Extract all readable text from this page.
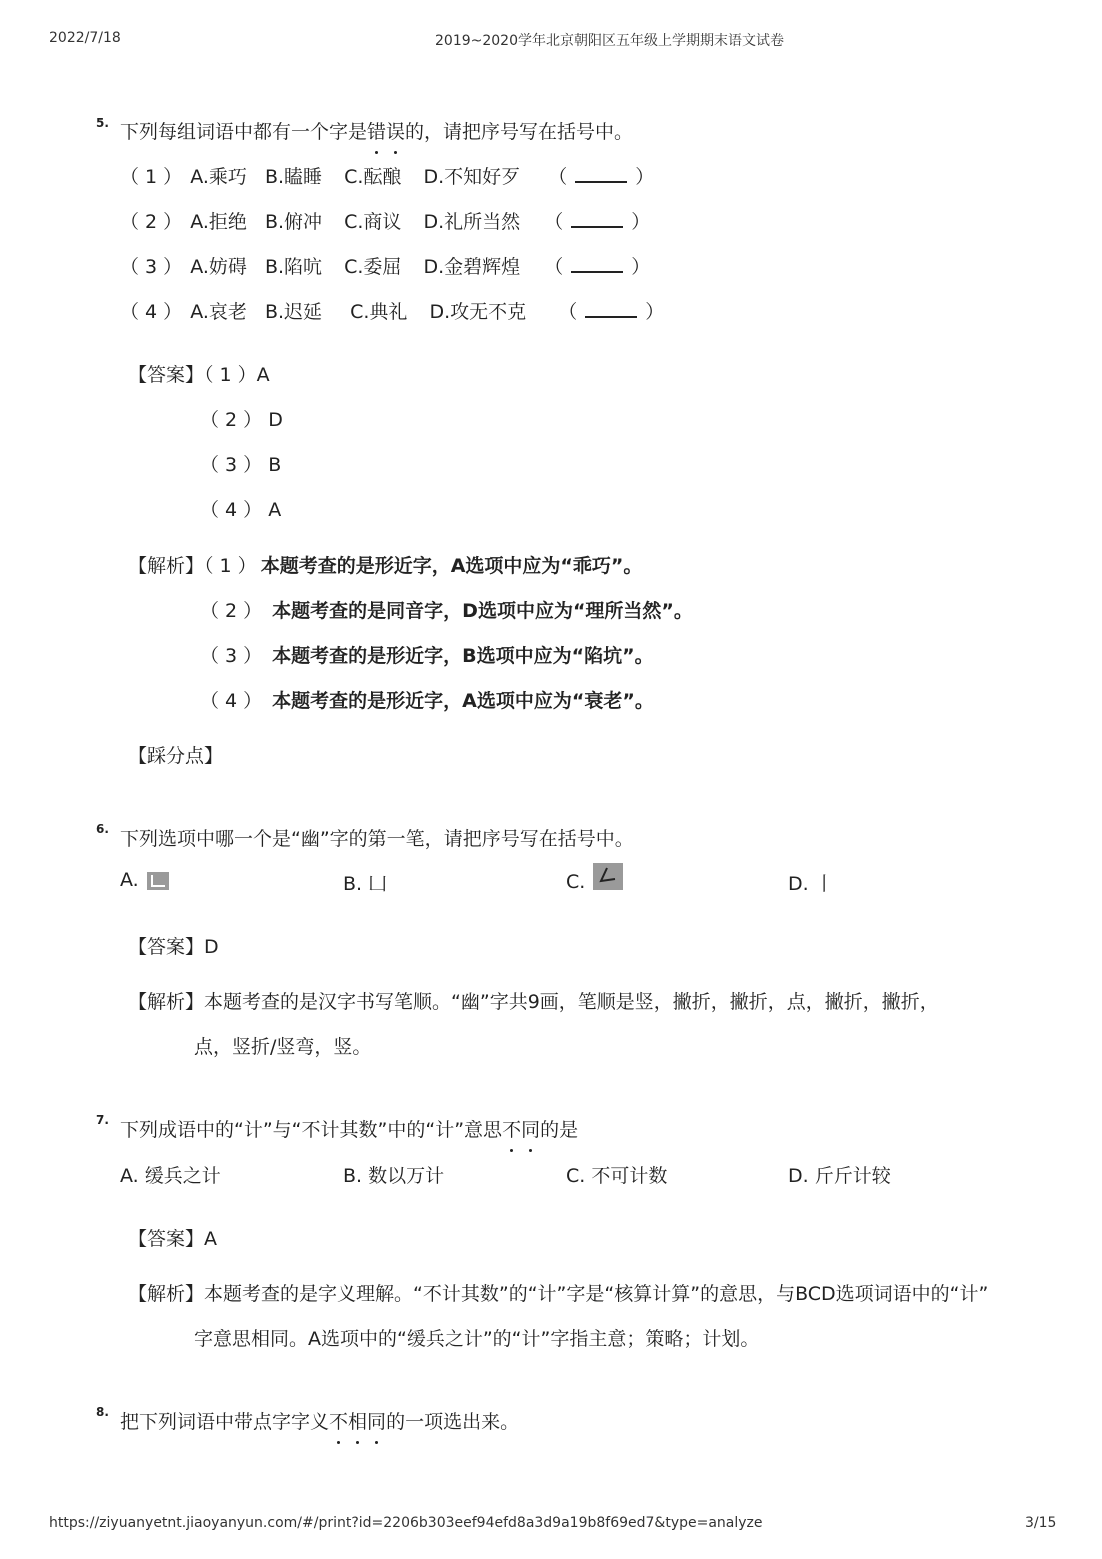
2022/7/18	2019~2020学年北京朝阳区五年级上学期期末语文试卷
5. 下列每组词语中都有一个字是错误的，请把序号写在括号中。
（ 1 ） A.乘巧 B.瞌睡 C.酝酿 D.不知好歹 （	）
（ 2 ） A.拒绝 B.俯冲 C.商议 D.礼所当然 （	）
（ 3 ） A.妨碍 B.陷吭 C.委屈 D.金碧辉煌 （	）
（ 4 ） A.哀老 B.迟延 C.典礼 D.攻无不克 （	）
【答案】（ 1 ）A
（ 2 ） D
（ 3 ） B
（ 4 ） A
【解析】（ 1 ） 本题考查的是形近字，A选项中应为“乖巧”。
（ 2 ） 本题考查的是同音字，D选项中应为“理所当然”。
（ 3 ） 本题考查的是形近字，B选项中应为“陷坑”。
（ 4 ） 本题考查的是形近字，A选项中应为“衰老”。
【踩分点】
6. 下列选项中哪一个是“幽”字的第一笔，请把序号写在括号中。
A.	B. 凵	C.	D. 丨
【答案】D
【解析】本题考查的是汉字书写笔顺。“幽”字共9画，笔顺是竖，撇折，撇折，点，撇折，撇折，
点，竖折/竖弯，竖。
7. 下列成语中的“计”与“不计其数”中的“计”意思不同的是
A. 缓兵之计	B. 数以万计	C. 不可计数	D. 斤斤计较
【答案】A
【解析】本题考查的是字义理解。“不计其数”的“计”字是“核算计算”的意思，与BCD选项词语中的“计”
字意思相同。A选项中的“缓兵之计”的“计”字指主意；策略；计划。
8. 把下列词语中带点字字义不相同的一项选出来。
https://ziyuanyetnt.jiaoyanyun.com/#/print?id=2206b303eef94efd8a3d9a19b8f69ed7&type=analyze	3/15
